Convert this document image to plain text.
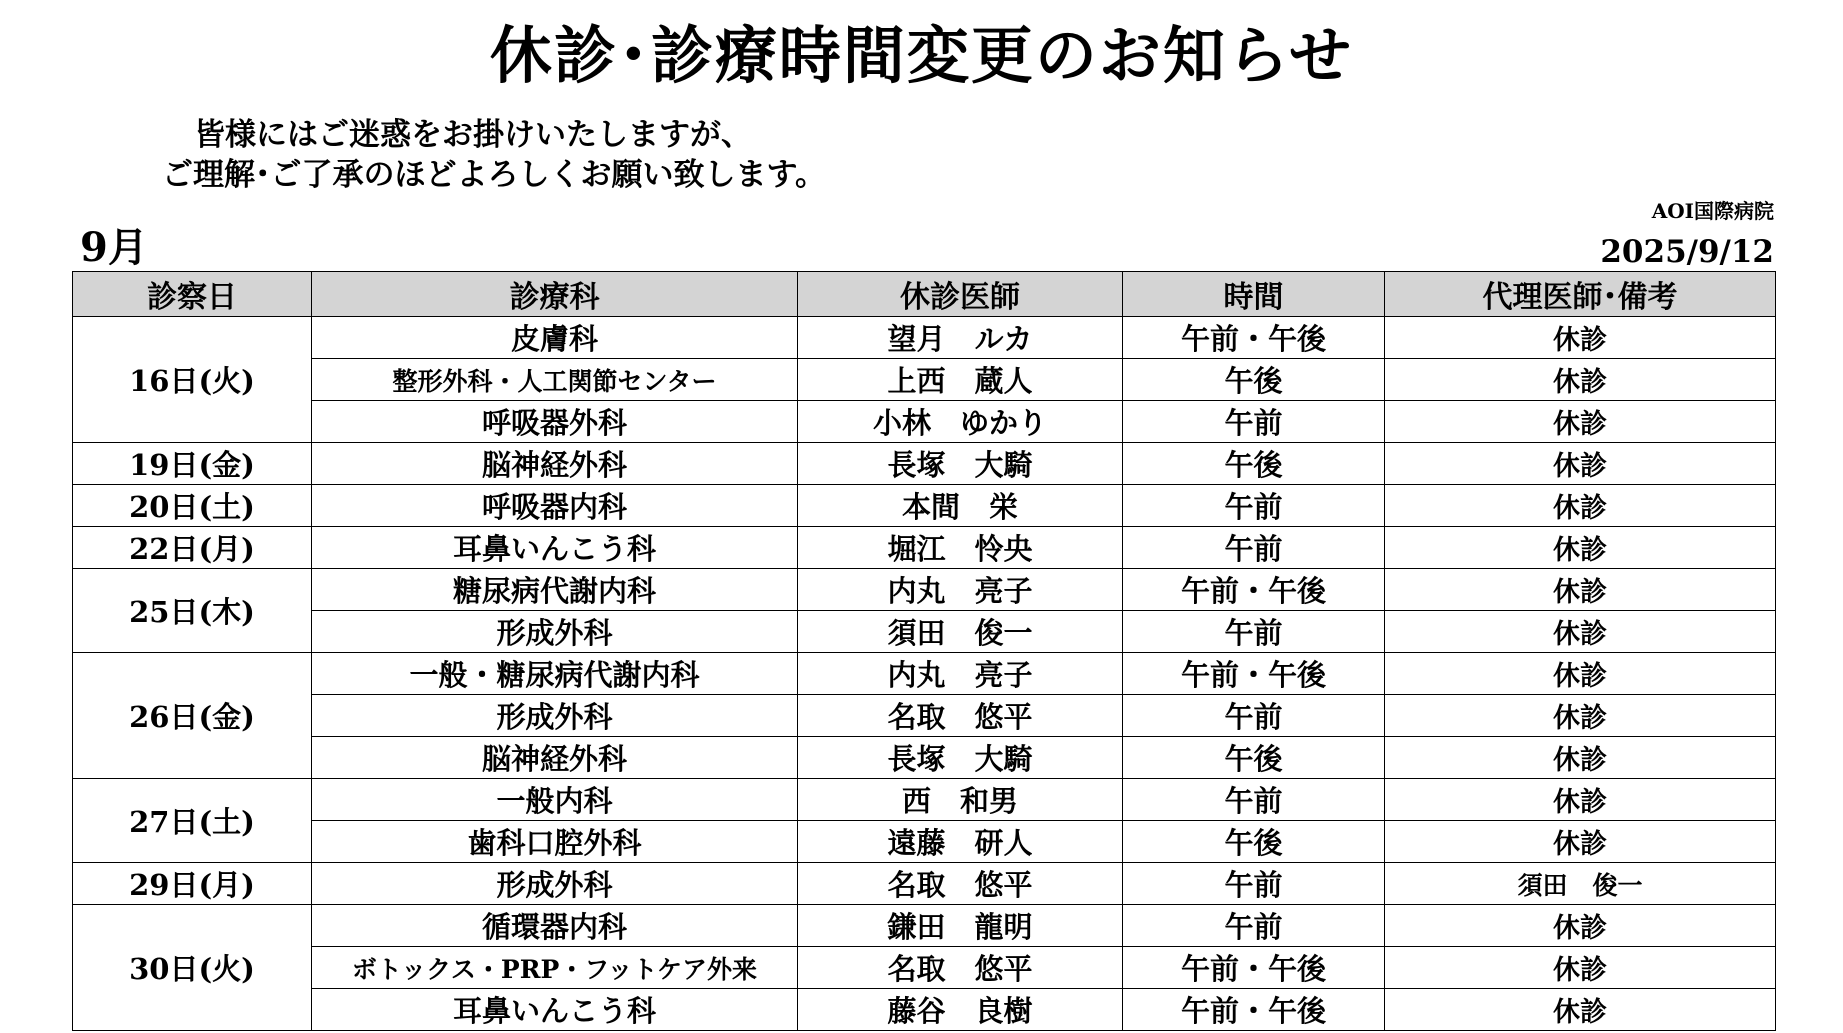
休診･診療時間変更のお知らせ
皆様にはご迷惑をお掛けいたしますが、
ご理解･ご了承のほどよろしくお願い致します。
AOI国際病院
9月	2025/9/12
診察日	診療科	休診医師	時間	代理医師･備考
16日(火)	皮膚科	望月　ルカ	午前・午後	休診
	整形外科・人工関節センター	上西　蔵人	午後	休診
	呼吸器外科	小林　ゆかり	午前	休診
19日(金)	脳神経外科	長塚　大騎	午後	休診
20日(土)	呼吸器内科	本間　栄	午前	休診
22日(月)	耳鼻いんこう科	堀江　怜央	午前	休診
25日(木)	糖尿病代謝内科	内丸　亮子	午前・午後	休診
	形成外科	須田　俊一	午前	休診
26日(金)	一般・糖尿病代謝内科	内丸　亮子	午前・午後	休診
	形成外科	名取　悠平	午前	休診
	脳神経外科	長塚　大騎	午後	休診
27日(土)	一般内科	西　和男	午前	休診
	歯科口腔外科	遠藤　研人	午後	休診
29日(月)	形成外科	名取　悠平	午前	須田　俊一
30日(火)	循環器内科	鎌田　龍明	午前	休診
	ボトックス・PRP・フットケア外来	名取　悠平	午前・午後	休診
	耳鼻いんこう科	藤谷　良樹	午前・午後	休診
